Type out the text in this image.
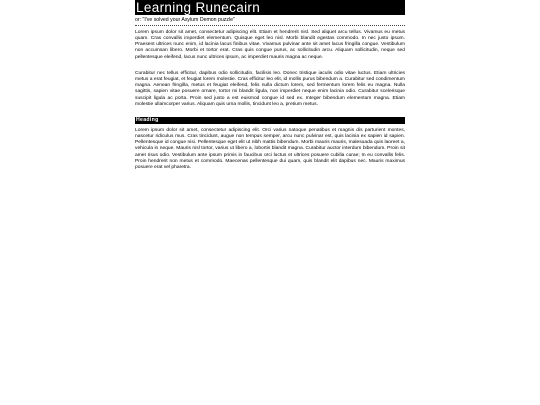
Learning Runecairn
or: "I've solved your Asylum Demon puzzle"

Lorem ipsum dolor sit amet, consectetur adipiscing elit. Etiam et hendrerit nisl. Sed aliquet arcu tellus. Vivamus eu metus quam. Cras convallis imperdiet elementum. Quisque eget leo nisl. Morbi blandit egestas commodo. In nec justo ipsum. Praesent ultrices nunc enim, id lacinia lacus finibus vitae. Vivamus pulvinar ante sit amet lacus fringilla congue. Vestibulum non accumsan libero. Morbi et tortor erat. Cras quis congue purus, ac sollicitudin arcu. Aliquam sollicitudin, neque sed pellentesque eleifend, lacus nunc ultrices ipsum, ac imperdiet mauris magna ac neque.

Curabitur nec tellus efficitur, dapibus odio sollicitudin, facilisis leo. Donec tristique iaculis odio vitae luctus. Etiam ultricies metus a erat feugiat, et feugiat lorem molestie. Cras efficitur leo elit, id mollis purus bibendum a. Curabitur sed condimentum magna. Aenean fringilla, metus et feugiat eleifend, felis nulla dictum lorem, sed fermentum lorem felis eu magna. Nulla sagittis, sapien vitae posuere ornare, tortor mi blandit ligula, non imperdiet neque enim lacinia odio. Curabitur scelerisque suscipit ligula ac porta. Proin sed justo a est euismod congue id sed ex. Integer bibendum elementum magna. Etiam molestie ullamcorper varius. Aliquam quis urna mollis, tincidunt leo a, pretium metus.

Heading

Lorem ipsum dolor sit amet, consectetur adipiscing elit. Orci varius natoque penatibus et magnis dis parturient montes, nascetur ridiculus mus. Cras tincidunt, augue non tempus semper, arcu nunc pulvinar est, quis lacinia ex sapien id sapien. Pellentesque id congue nisi. Pellentesque eget elit ut nibh mattis bibendum. Morbi mauris mauris, malesuada quis laoreet a, vehicula in neque. Mauris nisl tortor, varius ut libero a, lobortis blandit magna. Curabitur auctor interdum bibendum. Proin sit amet risus odio. Vestibulum ante ipsum primis in faucibus orci luctus et ultrices posuere cubilia curae; In eu convallis felis. Proin hendrerit non metus et commodo. Maecenas pellentesque dui quam, quis blandit elit dapibus nec. Mauris maximus posuere erat vel pharetra.
